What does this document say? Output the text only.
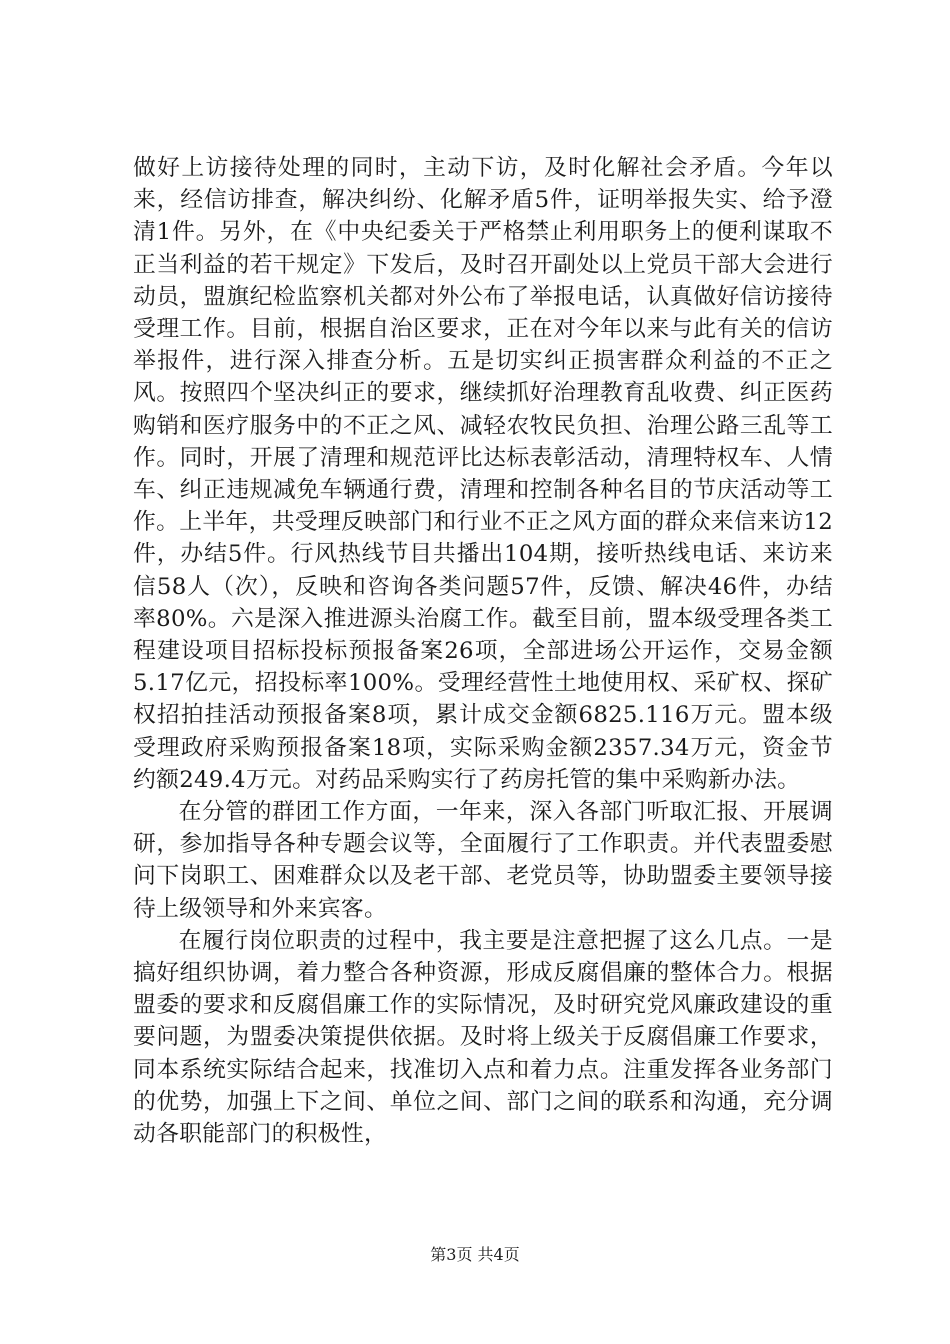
做好上访接待处理的同时，主动下访，及时化解社会矛盾。今年以来，经信访排查，解决纠纷、化解矛盾5件，证明举报失实、给予澄清1件。另外，在《中央纪委关于严格禁止利用职务上的便利谋取不正当利益的若干规定》下发后，及时召开副处以上党员干部大会进行动员，盟旗纪检监察机关都对外公布了举报电话，认真做好信访接待受理工作。目前，根据自治区要求，正在对今年以来与此有关的信访举报件，进行深入排查分析。五是切实纠正损害群众利益的不正之风。按照四个坚决纠正的要求，继续抓好治理教育乱收费、纠正医药购销和医疗服务中的不正之风、减轻农牧民负担、治理公路三乱等工作。同时，开展了清理和规范评比达标表彰活动，清理特权车、人情车、纠正违规减免车辆通行费，清理和控制各种名目的节庆活动等工作。上半年，共受理反映部门和行业不正之风方面的群众来信来访12件，办结5件。行风热线节目共播出104期，接听热线电话、来访来信58人（次），反映和咨询各类问题57件，反馈、解决46件，办结率80%。六是深入推进源头治腐工作。截至目前，盟本级受理各类工程建设项目招标投标预报备案26项，全部进场公开运作，交易金额5.17亿元，招投标率100%。受理经营性土地使用权、采矿权、探矿权招拍挂活动预报备案8项，累计成交金额6825.116万元。盟本级受理政府采购预报备案18项，实际采购金额2357.34万元，资金节约额249.4万元。对药品采购实行了药房托管的集中采购新办法。

在分管的群团工作方面，一年来，深入各部门听取汇报、开展调研，参加指导各种专题会议等，全面履行了工作职责。并代表盟委慰问下岗职工、困难群众以及老干部、老党员等，协助盟委主要领导接待上级领导和外来宾客。

在履行岗位职责的过程中，我主要是注意把握了这么几点。一是搞好组织协调，着力整合各种资源，形成反腐倡廉的整体合力。根据盟委的要求和反腐倡廉工作的实际情况，及时研究党风廉政建设的重要问题，为盟委决策提供依据。及时将上级关于反腐倡廉工作要求，同本系统实际结合起来，找准切入点和着力点。注重发挥各业务部门的优势，加强上下之间、单位之间、部门之间的联系和沟通，充分调动各职能部门的积极性，

第3页 共4页
